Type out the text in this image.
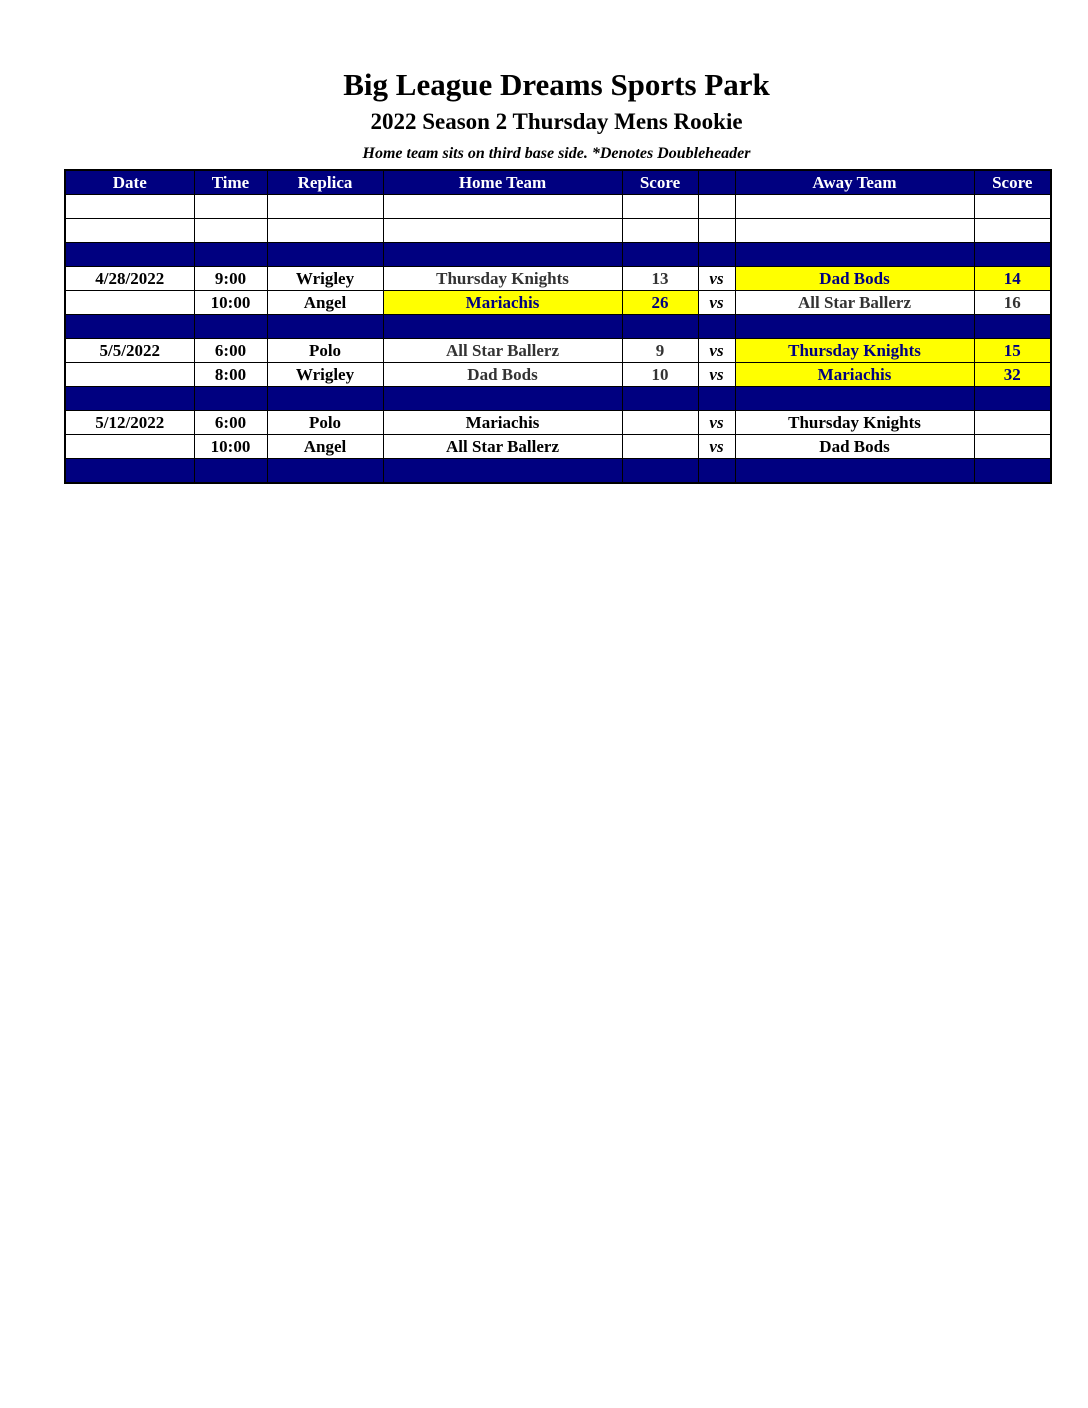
Big League Dreams Sports Park
2022 Season 2 Thursday Mens Rookie
Home team sits on third base side. *Denotes Doubleheader
Date	Time	Replica	Home Team	Score		Away Team	Score

4/28/2022	9:00	Wrigley	Thursday Knights	13	vs	Dad Bods	14
	10:00	Angel	Mariachis	26	vs	All Star Ballerz	16

5/5/2022	6:00	Polo	All Star Ballerz	9	vs	Thursday Knights	15
	8:00	Wrigley	Dad Bods	10	vs	Mariachis	32

5/12/2022	6:00	Polo	Mariachis		vs	Thursday Knights	
	10:00	Angel	All Star Ballerz		vs	Dad Bods	
